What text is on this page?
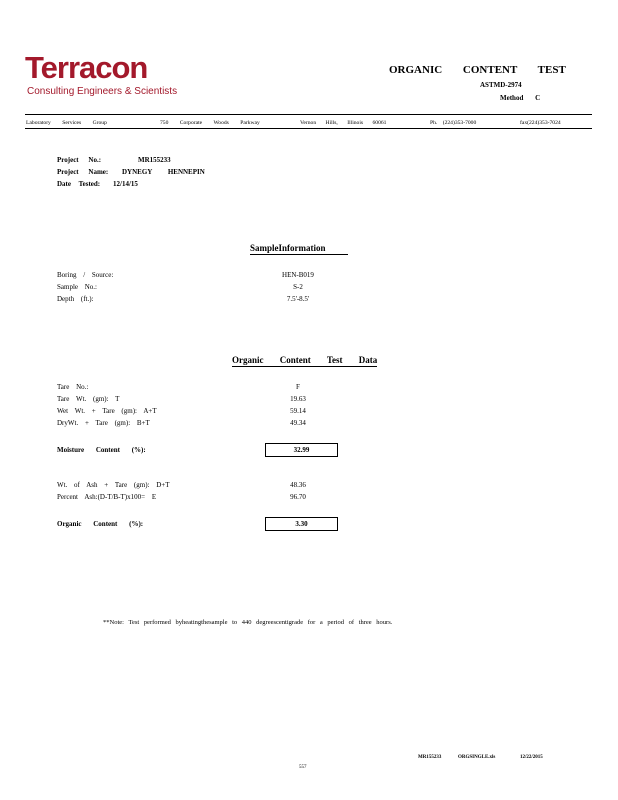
Terracon
Consulting Engineers & Scientists
ORGANIC CONTENT TEST
ASTMD-2974
Method C
Laboratory Services Group	750 Corporate Woods Parkway	Vernon Hills, Illinois 60061	Ph. (224)353-7000	fax(224)353-7024
Project No.:	MR155233
Project Name: DYNEGY HENNEPIN
Date Tested: 12/14/15
SampleInformation
Boring / Source:	HEN-B019
Sample No.:	S-2
Depth (ft.):	7.5'-8.5'
Organic Content Test Data
Tare No.:	F
Tare Wt. (gm): T	19.63
Wet Wt. + Tare (gm): A+T	59.14
DryWt. + Tare (gm): B+T	49.34
Moisture Content (%):	32.99
Wt. of Ash + Tare (gm): D+T	48.36
Percent Ash:(D-T/B-T)x100= E	96.70
Organic Content (%):	3.30
**Note: Test performed byheatingthesample to 440 degreescentigrade for a period of three hours.
MR155233	ORGSINGLE.xls	12/22/2015
557
